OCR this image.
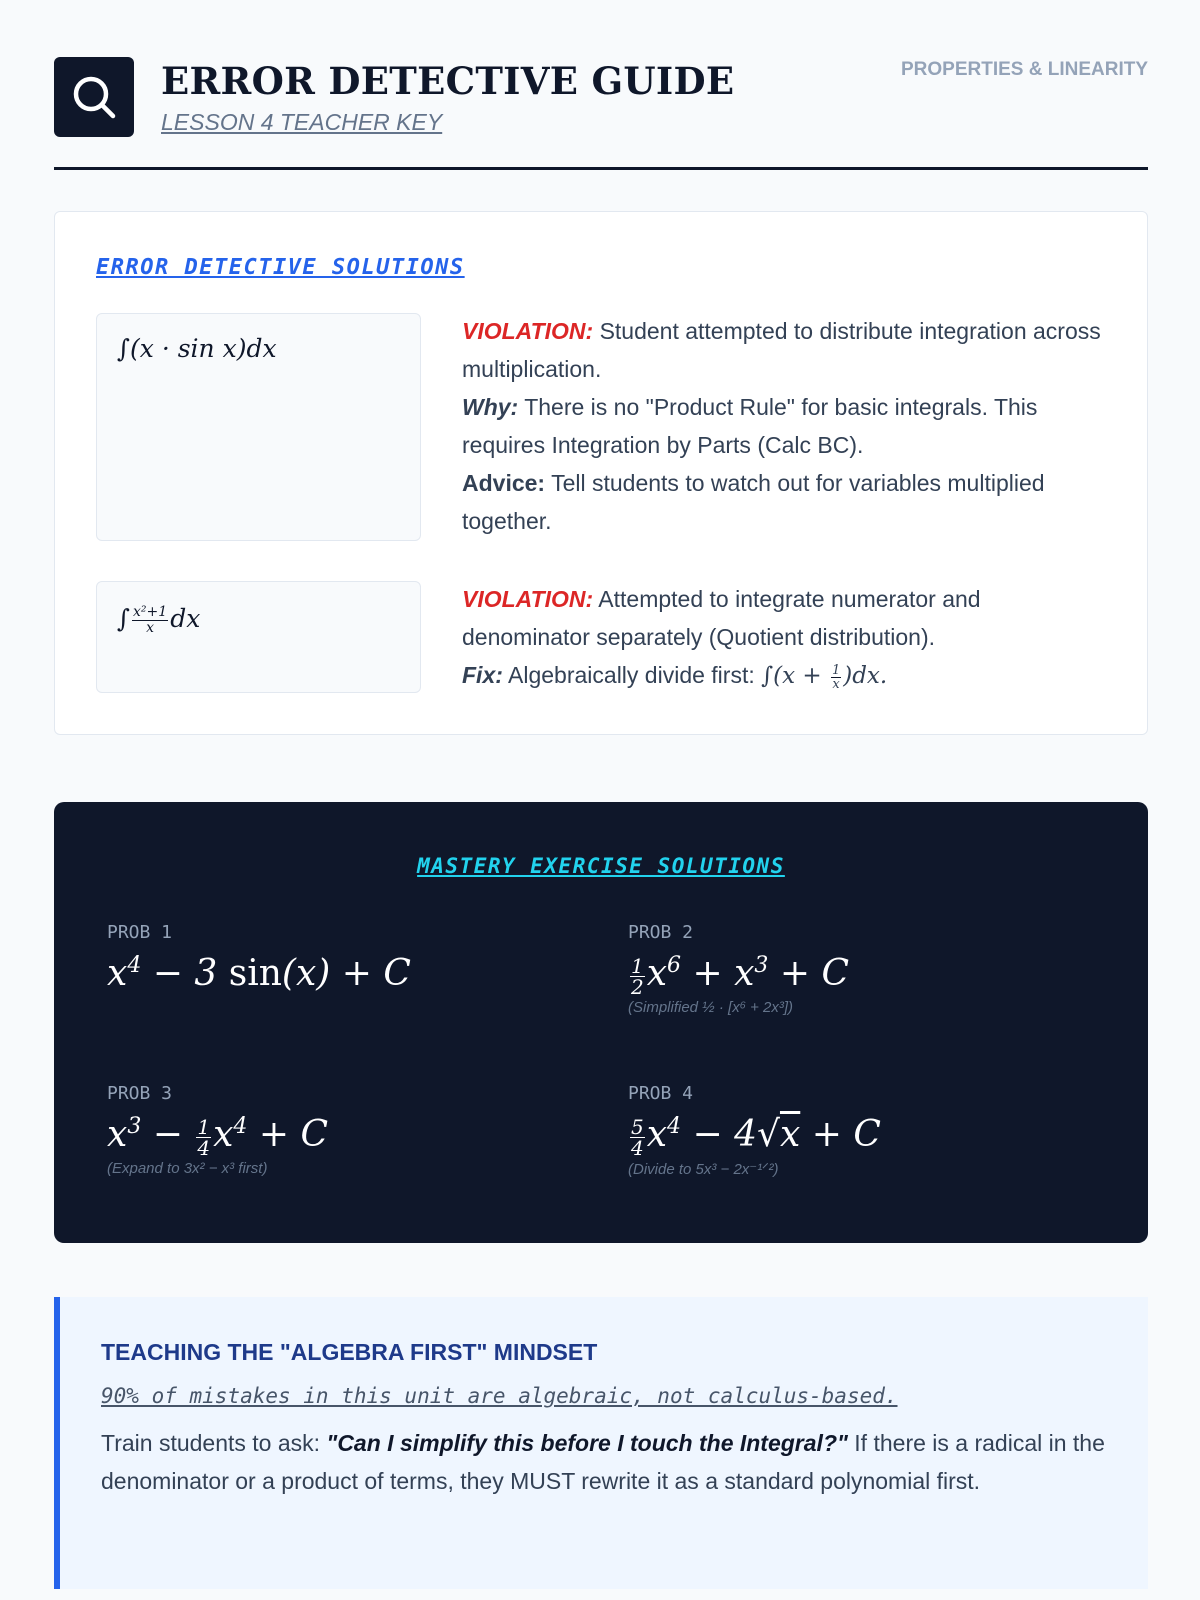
ERROR DETECTIVE GUIDE
LESSON 4 TEACHER KEY
PROPERTIES & LINEARITY
ERROR DETECTIVE SOLUTIONS
∫(x · sin x)dx
VIOLATION: Student attempted to distribute integration across multiplication.
Why: There is no "Product Rule" for basic integrals. This requires Integration by Parts (Calc BC).
Advice: Tell students to watch out for variables multiplied together.
∫ $\frac{\text{x²+1}}{x}$ dx
VIOLATION: Attempted to integrate numerator and denominator separately (Quotient distribution).
Fix: Algebraically divide first: $\int(x + \frac{1}{x} )dx$.
MASTERY EXERCISE SOLUTIONS
PROB 1
$x^4 - 3$ sin(x) + C
PROB 2
$\frac{1}{2} x^6 + x^3 + C$
(Simplified ½ · [x⁶ + 2x³])
PROB 3
$x^3 - \frac{1}{4} x^4 + C$
(Expand to 3x² − x³ first)
PROB 4
$\frac{5}{4} x^4 - 4√x + C$
(Divide to 5x³ − 2x⁻¹ᐟ²)
TEACHING THE "ALGEBRA FIRST" MINDSET
90% of mistakes in this unit are algebraic, not calculus-based.
Train students to ask: "Can I simplify this before I touch the Integral?" If there is a radical in the denominator or a product of terms, they MUST rewrite it as a standard polynomial first.
